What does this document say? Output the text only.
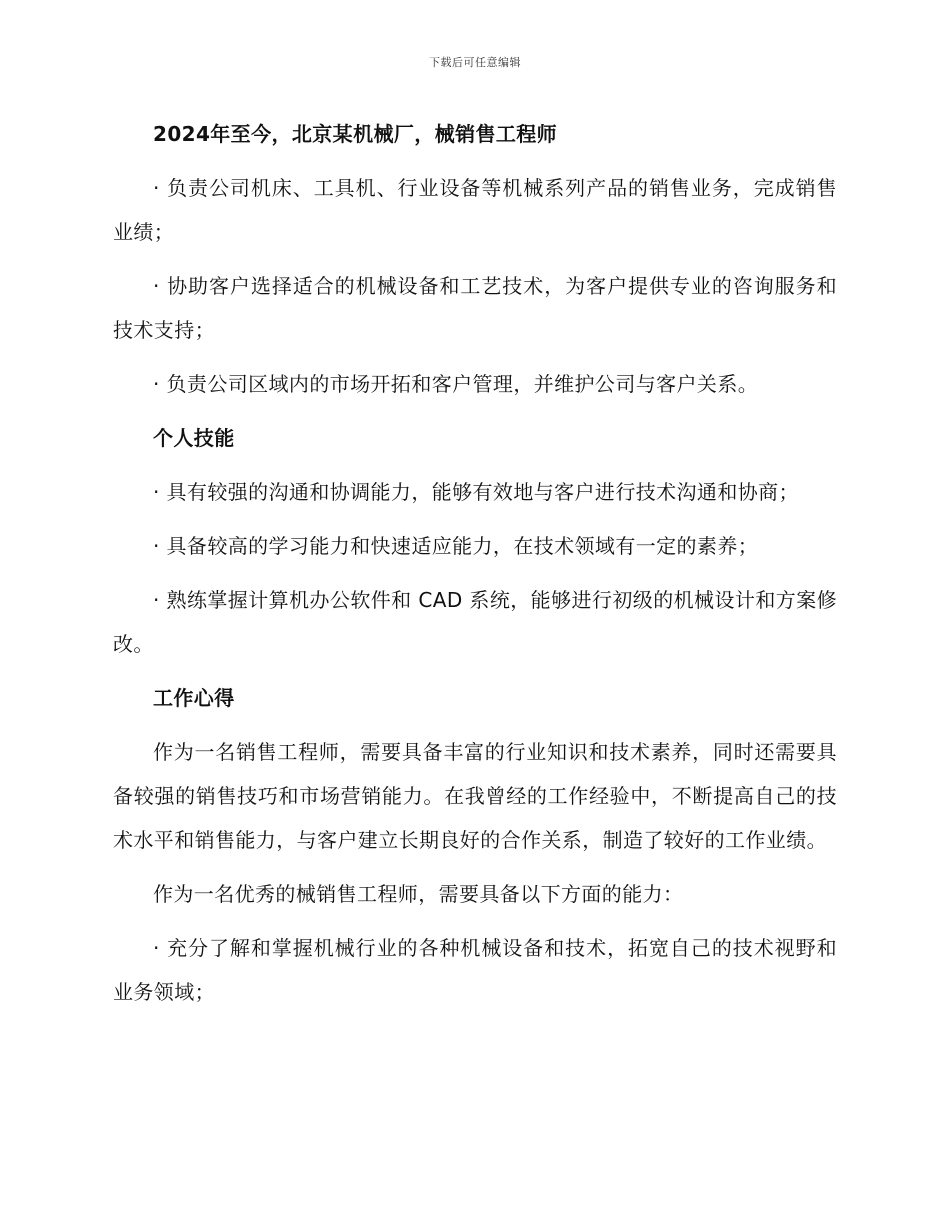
下载后可任意编辑

2024年至今，北京某机械厂，械销售工程师

· 负责公司机床、工具机、行业设备等机械系列产品的销售业务，完成销售业绩；

· 协助客户选择适合的机械设备和工艺技术，为客户提供专业的咨询服务和技术支持；

· 负责公司区域内的市场开拓和客户管理，并维护公司与客户关系。

个人技能

· 具有较强的沟通和协调能力，能够有效地与客户进行技术沟通和协商；

· 具备较高的学习能力和快速适应能力，在技术领域有一定的素养；

· 熟练掌握计算机办公软件和 CAD 系统，能够进行初级的机械设计和方案修改。

工作心得

作为一名销售工程师，需要具备丰富的行业知识和技术素养，同时还需要具备较强的销售技巧和市场营销能力。在我曾经的工作经验中，不断提高自己的技术水平和销售能力，与客户建立长期良好的合作关系，制造了较好的工作业绩。

作为一名优秀的械销售工程师，需要具备以下方面的能力：

· 充分了解和掌握机械行业的各种机械设备和技术，拓宽自己的技术视野和业务领域；
